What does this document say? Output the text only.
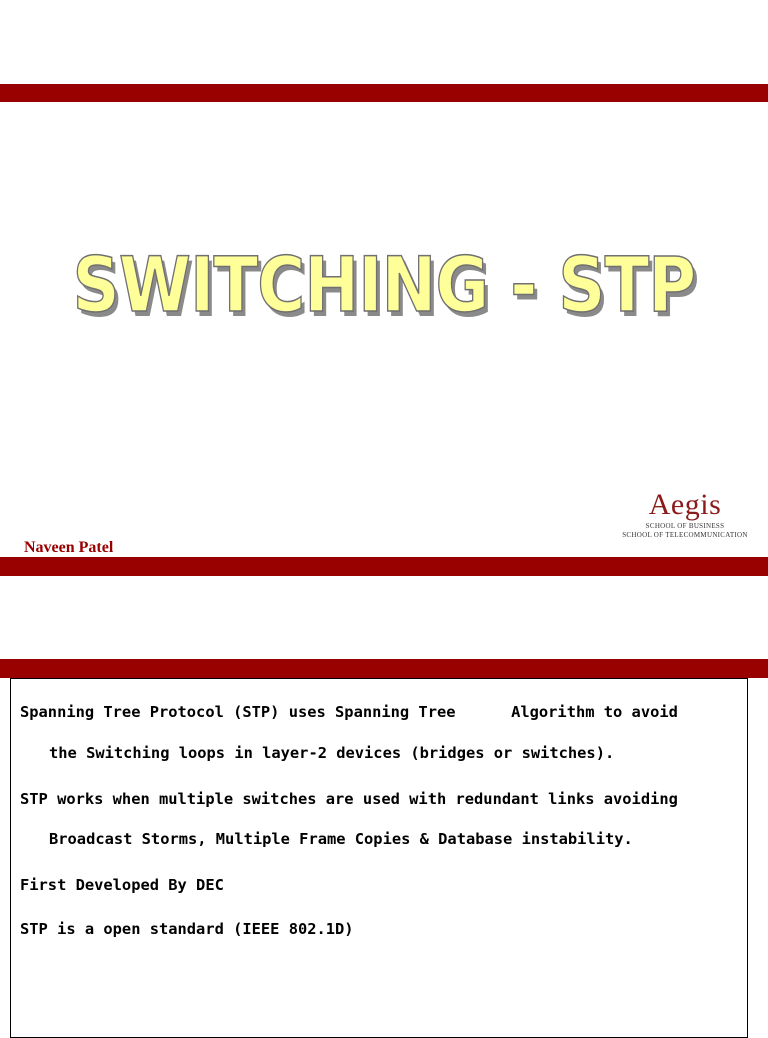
SWITCHING - STP
Aegis
SCHOOL OF BUSINESS
SCHOOL OF TELECOMMUNICATION
Naveen Patel

Spanning Tree Protocol (STP) uses Spanning Tree      Algorithm to avoid

the Switching loops in layer-2 devices (bridges or switches).

STP works when multiple switches are used with redundant links avoiding

Broadcast Storms, Multiple Frame Copies & Database instability.

First Developed By DEC

STP is a open standard (IEEE 802.1D)
